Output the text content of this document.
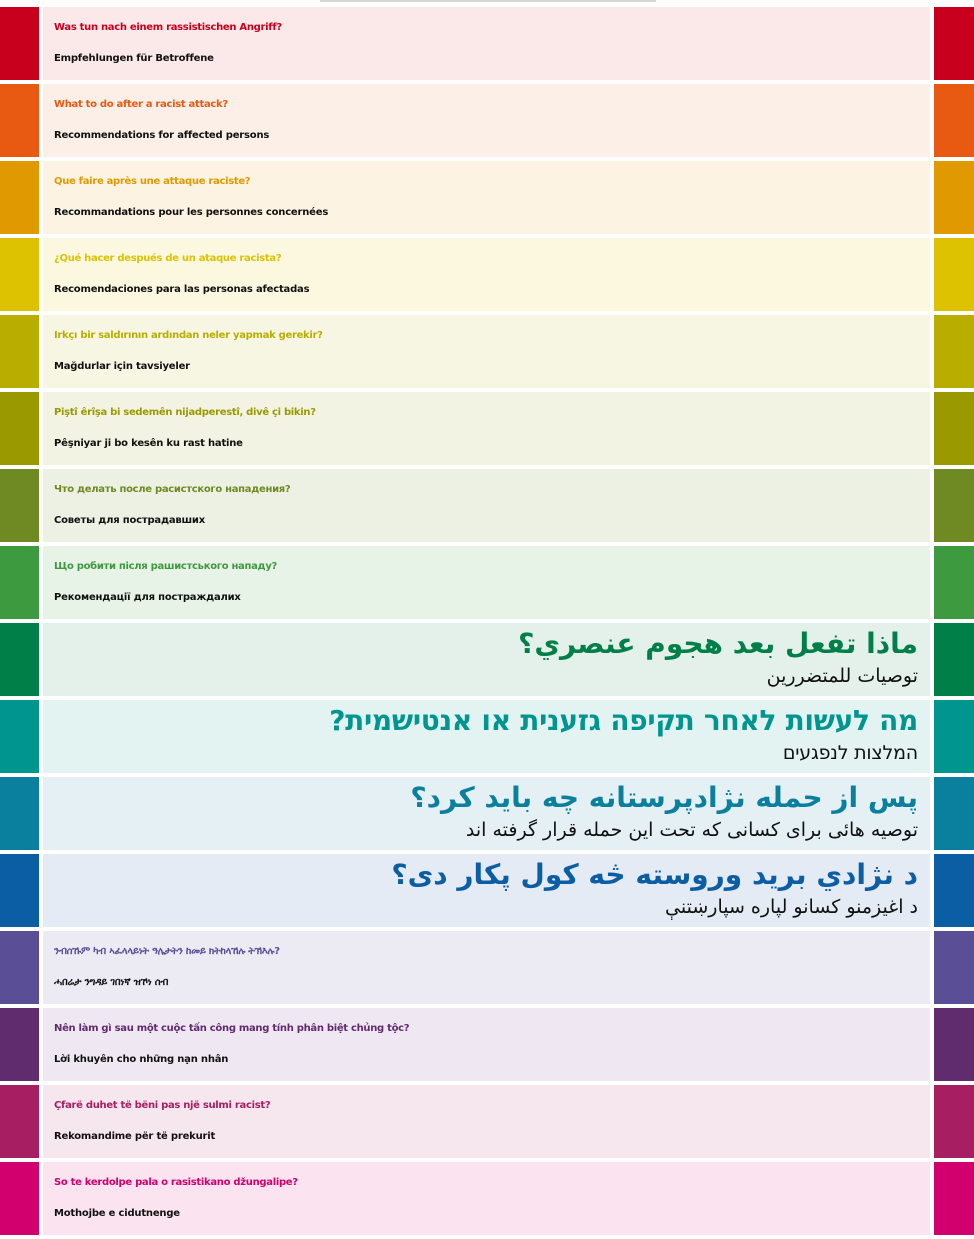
Was tun nach einem rassistischen Angriff?
Empfehlungen für Betroffene
What to do after a racist attack?
Recommendations for affected persons
Que faire après une attaque raciste?
Recommandations pour les personnes concernées
¿Qué hacer después de un ataque racista?
Recomendaciones para las personas afectadas
Irkçı bir saldırının ardından neler yapmak gerekir?
Mağdurlar için tavsiyeler
Piştî êrîşa bi sedemên nijadperestî, divê çi bikin?
Pêşniyar ji bo kesên ku rast hatine
Что делать после расистского нападения?
Советы для пострадавших
Що робити після рашистського нападу?
Рекомендації для постраждалих
ماذا تفعل بعد هجوم عنصري؟
توصيات للمتضررين
מה לעשות לאחר תקיפה גזענית או אנטישמית?
המלצות לנפגעים
پس از حمله نژادپرستانه چه باید کرد؟
توصیه هائی برای کسانی که تحت این حمله قرار گرفته اند
د نژادي برید وروسته څه کول پکار دی؟
د اغیزمنو کسانو لپاره سپارښتنې
ንብሰኹም ካብ ኣፈላላይነት ዓሌታትን ከመይ ክትከላኸሉ ትኽእሉ?
ሓበሬታ ንግዳይ ገበነኛ ዝኾነ ሰብ
Nên làm gì sau một cuộc tấn công mang tính phân biệt chủng tộc?
Lời khuyên cho những nạn nhân
Çfarë duhet të bëni pas një sulmi racist?
Rekomandime për të prekurit
So te kerdolpe pala o rasistikano džungalipe?
Mothojbe e cidutnenge
